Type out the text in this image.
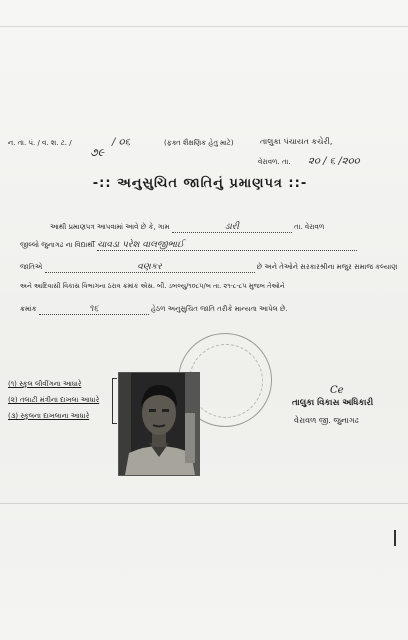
ન. તા. પં. / વ. શ. ટ. /
૭૯
/ ૦૬	(ફક્ત શૈક્ષણિક હેતુ માટે)	તાલુકા પંચાયત કચેરી,
વેરાવળ. તા. ૨૦ / ૬ /૨૦૦
-:: અનુસુચિત જાતિનું પ્રમાણપત્ર ::-
આથી પ્રમાણપત્ર આપવામાં આવે છે કે, ગામ	ડારી	તા. વેરાવળ
જીલ્લો જુનાગઢ ના વિદ્યાર્થી ચાવડા પરેશ વાલજીભાઈ
જાતિએ	વણકર	છે અને તેઓને સરકારશ્રીના મજુર સમાજ કલ્યાણ
અને આદિવાસી વિકાસ વિભાગના ઠરાવ ક્રમાંક એસ. બી. ડબલ્યુ/૧૦૮૫/બ તા. ૨૧-૮-૮૫ મુજબ તેઓને
ક્રમાંક	૧૬	હેઠળ અનુસુચિત જાતિ તરીકે માન્યતા આપેલ છે.
(૧) સ્કુલ લીવીંગના આધારે
(૨) તલાટી મંત્રીના દાખલા આધારે
(૩) સ્કુલના દાખલાના આધારે
Ce
તાલુકા વિકાસ અધિકારી
વેરાવળ જી. જુનાગઢ
